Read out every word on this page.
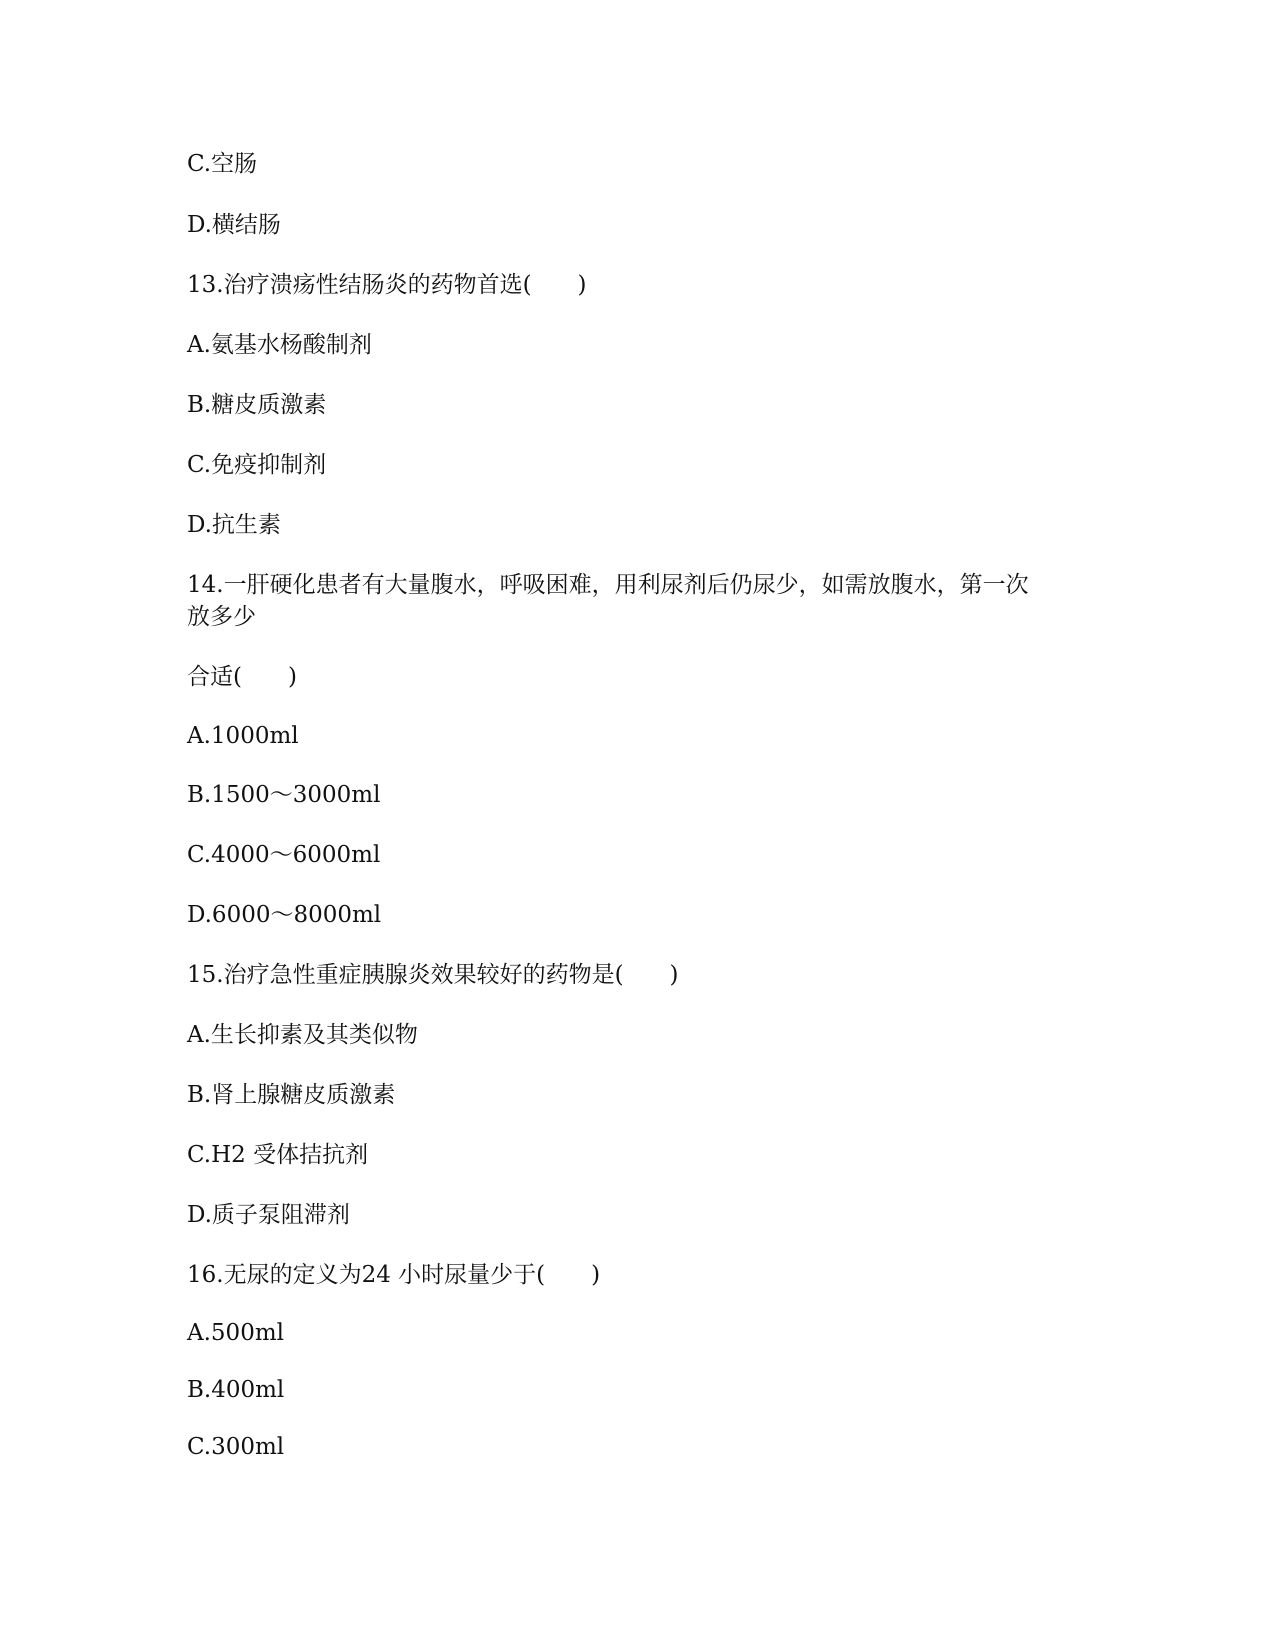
C.空肠

D.横结肠

13.治疗溃疡性结肠炎的药物首选(　　)

A.氨基水杨酸制剂

B.糖皮质激素

C.免疫抑制剂

D.抗生素

14.一肝硬化患者有大量腹水，呼吸困难，用利尿剂后仍尿少，如需放腹水，第一次

放多少

合适(　　)

A.1000ml

B.1500～3000ml

C.4000～6000ml

D.6000～8000ml

15.治疗急性重症胰腺炎效果较好的药物是(　　)

A.生长抑素及其类似物

B.肾上腺糖皮质激素

C.H2 受体拮抗剂

D.质子泵阻滞剂

16.无尿的定义为24 小时尿量少于(　　)

A.500ml

B.400ml

C.300ml
